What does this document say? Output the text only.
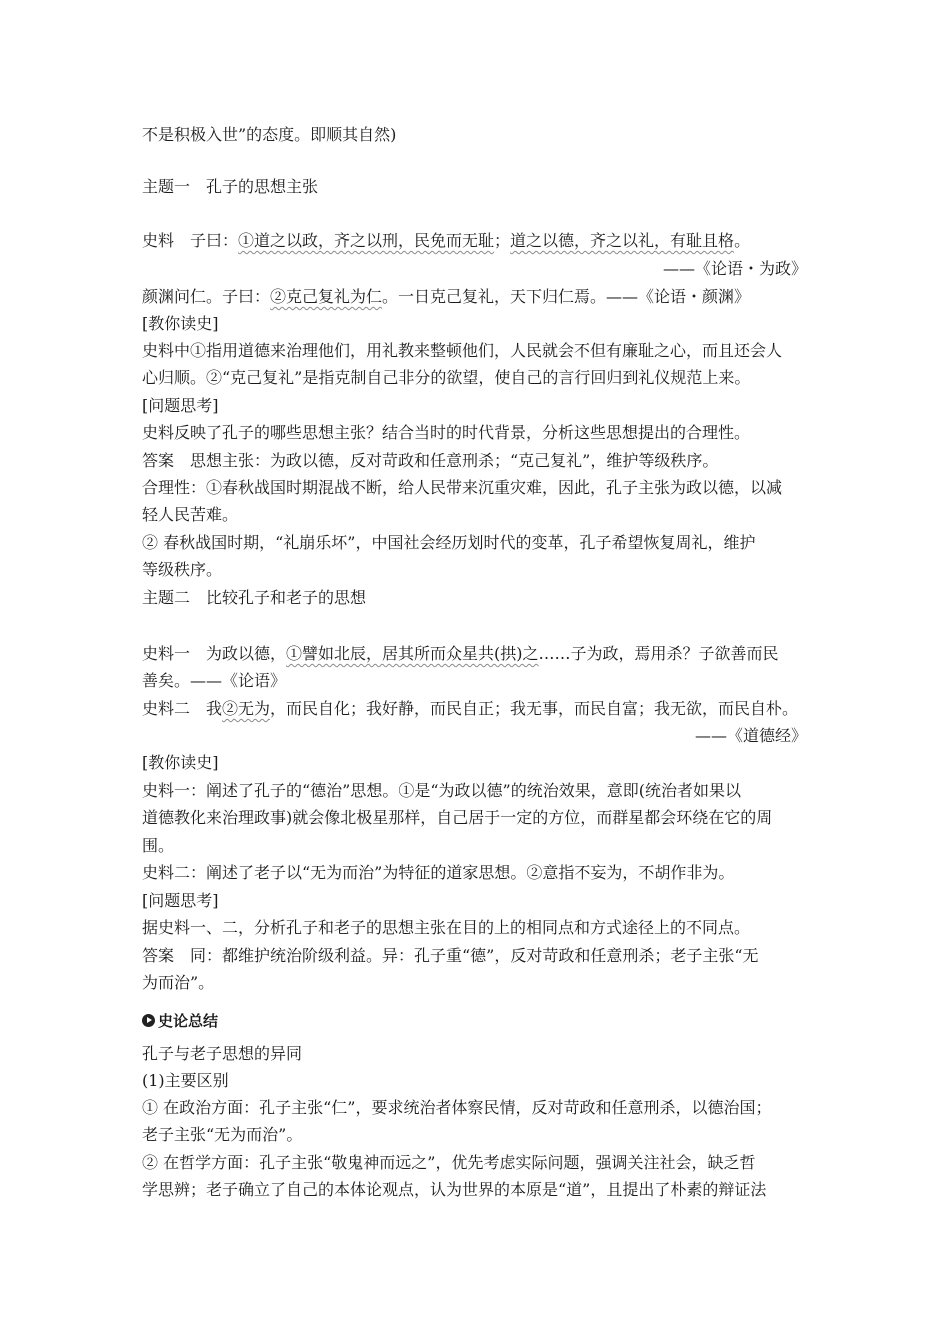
不是积极入世”的态度。即顺其自然)
主题一　孔子的思想主张
史料　子曰：①道之以政，齐之以刑，民免而无耻；道之以德，齐之以礼，有耻且格。
——《论语・为政》
颜渊问仁。子曰：②克己复礼为仁。一日克己复礼，天下归仁焉。——《论语・颜渊》
[教你读史]
史料中①指用道德来治理他们，用礼教来整顿他们，人民就会不但有廉耻之心，而且还会人
心归顺。②“克己复礼”是指克制自己非分的欲望，使自己的言行回归到礼仪规范上来。
[问题思考]
史料反映了孔子的哪些思想主张？结合当时的时代背景，分析这些思想提出的合理性。
答案　思想主张：为政以德，反对苛政和任意刑杀；“克己复礼”，维护等级秩序。
合理性：①春秋战国时期混战不断，给人民带来沉重灾难，因此，孔子主张为政以德，以减
轻人民苦难。
② 春秋战国时期，“礼崩乐坏”，中国社会经历划时代的变革，孔子希望恢复周礼，维护
等级秩序。
主题二　比较孔子和老子的思想
史料一　为政以德，①譬如北辰，居其所而众星共(拱)之……子为政，焉用杀？子欲善而民
善矣。——《论语》
史料二　我②无为，而民自化；我好静，而民自正；我无事，而民自富；我无欲，而民自朴。
——《道德经》
[教你读史]
史料一：阐述了孔子的“德治”思想。①是“为政以德”的统治效果，意即(统治者如果以
道德教化来治理政事)就会像北极星那样，自己居于一定的方位，而群星都会环绕在它的周
围。
史料二：阐述了老子以“无为而治”为特征的道家思想。②意指不妄为，不胡作非为。
[问题思考]
据史料一、二，分析孔子和老子的思想主张在目的上的相同点和方式途径上的不同点。
答案　同：都维护统治阶级利益。异：孔子重“德”，反对苛政和任意刑杀；老子主张“无
为而治”。
史论总结
孔子与老子思想的异同
(1)主要区别
① 在政治方面：孔子主张“仁”，要求统治者体察民情，反对苛政和任意刑杀，以德治国；
老子主张“无为而治”。
② 在哲学方面：孔子主张“敬鬼神而远之”，优先考虑实际问题，强调关注社会，缺乏哲
学思辨；老子确立了自己的本体论观点，认为世界的本原是“道”，且提出了朴素的辩证法
